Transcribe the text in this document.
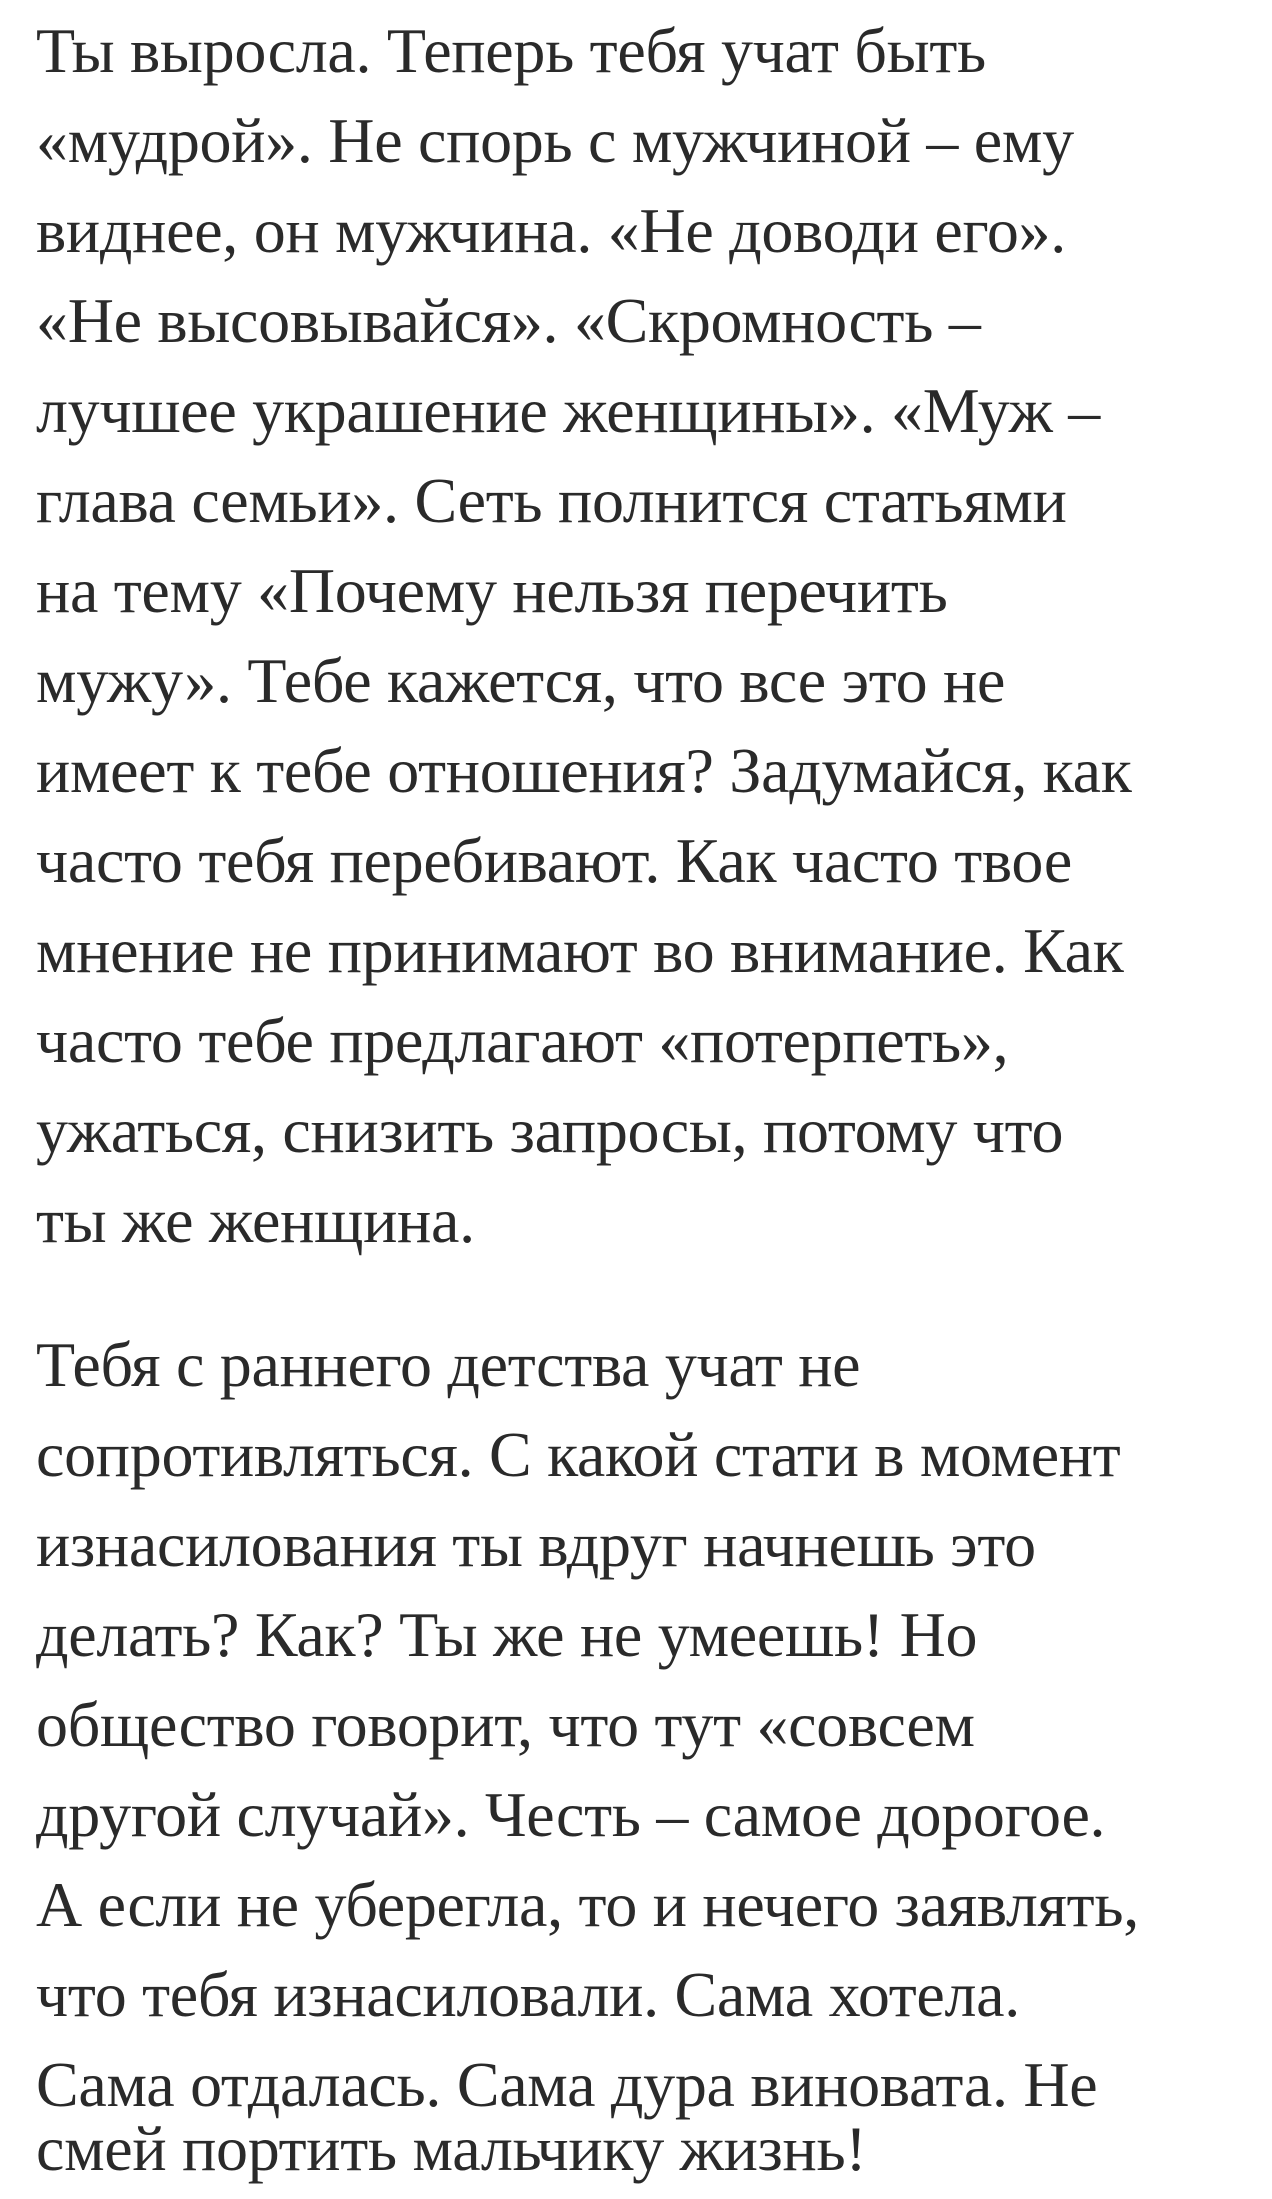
Ты выросла. Теперь тебя учат быть
«мудрой». Не спорь с мужчиной – ему
виднее, он мужчина. «Не доводи его».
«Не высовывайся». «Скромность –
лучшее украшение женщины». «Муж –
глава семьи». Сеть полнится статьями
на тему «Почему нельзя перечить
мужу». Тебе кажется, что все это не
имеет к тебе отношения? Задумайся, как
часто тебя перебивают. Как часто твое
мнение не принимают во внимание. Как
часто тебе предлагают «потерпеть»,
ужаться, снизить запросы, потому что
ты же женщина.
Тебя с раннего детства учат не
сопротивляться. С какой стати в момент
изнасилования ты вдруг начнешь это
делать? Как? Ты же не умеешь! Но
общество говорит, что тут «совсем
другой случай». Честь – самое дорогое.
А если не уберегла, то и нечего заявлять,
что тебя изнасиловали. Сама хотела.
Сама отдалась. Сама дура виновата. Не
смей портить мальчику жизнь!
